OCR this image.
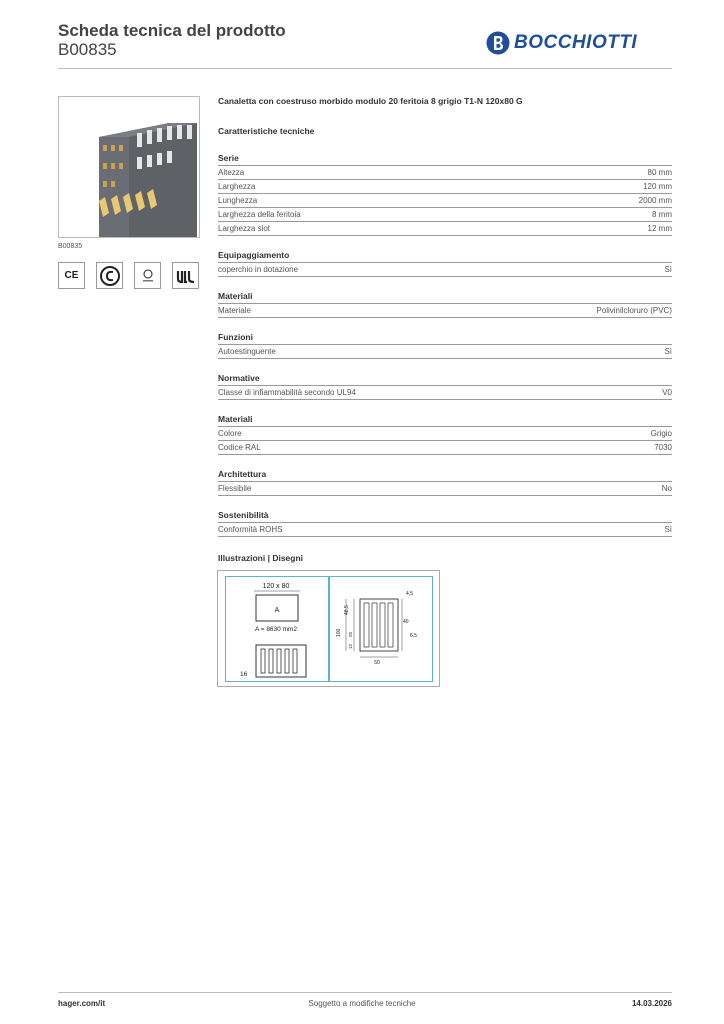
Scheda tecnica del prodotto
B00835	BOCCHIOTTI
B00835
CE
Canaletta con coestruso morbido modulo 20 feritoia 8 grigio T1-N 120x80 G
Caratteristiche tecniche
Serie
Altezza	80 mm
Larghezza	120 mm
Lunghezza	2000 mm
Larghezza della feritoia	8 mm
Larghezza slot	12 mm
Equipaggiamento
coperchio in dotazione	Sì
Materiali
Materiale	Polivinilcloruro (PVC)
Funzioni
Autoestinguente	Sì
Normative
Classe di infiammabilità secondo UL94	V0
Materiali
Colore	Grigio
Codice RAL	7030
Architettura
Flessibile	No
Sostenibilità
Conformità ROHS	Sì
Illustrazioni | Disegni
120 x 80
A
A = 8630 mm2
16
4,5
48,5
100 25
12
40
6,5
50
hager.com/it	Soggetto a modifiche tecniche	14.03.2026
